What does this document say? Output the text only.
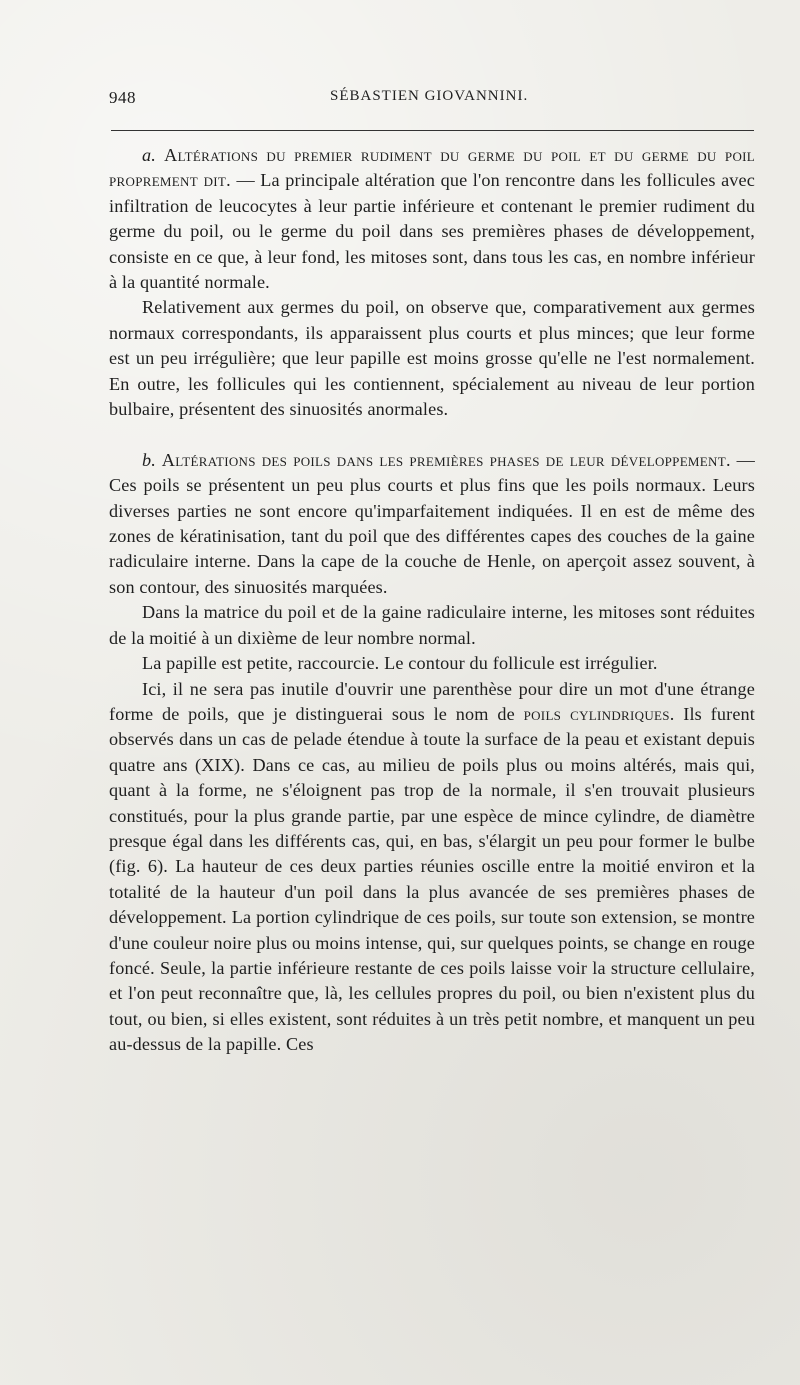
948	SÉBASTIEN GIOVANNINI.

a. Altérations du premier rudiment du germe du poil et du germe du poil proprement dit. — La principale altération que l'on rencontre dans les follicules avec infiltration de leucocytes à leur partie inférieure et contenant le premier rudiment du germe du poil, ou le germe du poil dans ses premières phases de développement, consiste en ce que, à leur fond, les mitoses sont, dans tous les cas, en nombre inférieur à la quantité normale.

Relativement aux germes du poil, on observe que, comparativement aux germes normaux correspondants, ils apparaissent plus courts et plus minces; que leur forme est un peu irrégulière; que leur papille est moins grosse qu'elle ne l'est normalement. En outre, les follicules qui les contiennent, spécialement au niveau de leur portion bulbaire, présentent des sinuosités anormales.

b. Altérations des poils dans les premières phases de leur développement. — Ces poils se présentent un peu plus courts et plus fins que les poils normaux. Leurs diverses parties ne sont encore qu'imparfaitement indiquées. Il en est de même des zones de kératinisation, tant du poil que des différentes capes des couches de la gaine radiculaire interne. Dans la cape de la couche de Henle, on aperçoit assez souvent, à son contour, des sinuosités marquées.

Dans la matrice du poil et de la gaine radiculaire interne, les mitoses sont réduites de la moitié à un dixième de leur nombre normal.

La papille est petite, raccourcie. Le contour du follicule est irrégulier.

Ici, il ne sera pas inutile d'ouvrir une parenthèse pour dire un mot d'une étrange forme de poils, que je distinguerai sous le nom de poils cylindriques. Ils furent observés dans un cas de pelade étendue à toute la surface de la peau et existant depuis quatre ans (XIX). Dans ce cas, au milieu de poils plus ou moins altérés, mais qui, quant à la forme, ne s'éloignent pas trop de la normale, il s'en trouvait plusieurs constitués, pour la plus grande partie, par une espèce de mince cylindre, de diamètre presque égal dans les différents cas, qui, en bas, s'élargit un peu pour former le bulbe (fig. 6). La hauteur de ces deux parties réunies oscille entre la moitié environ et la totalité de la hauteur d'un poil dans la plus avancée de ses premières phases de développement. La portion cylindrique de ces poils, sur toute son extension, se montre d'une couleur noire plus ou moins intense, qui, sur quelques points, se change en rouge foncé. Seule, la partie inférieure restante de ces poils laisse voir la structure cellulaire, et l'on peut reconnaître que, là, les cellules propres du poil, ou bien n'existent plus du tout, ou bien, si elles existent, sont réduites à un très petit nombre, et manquent un peu au-dessus de la papille. Ces
